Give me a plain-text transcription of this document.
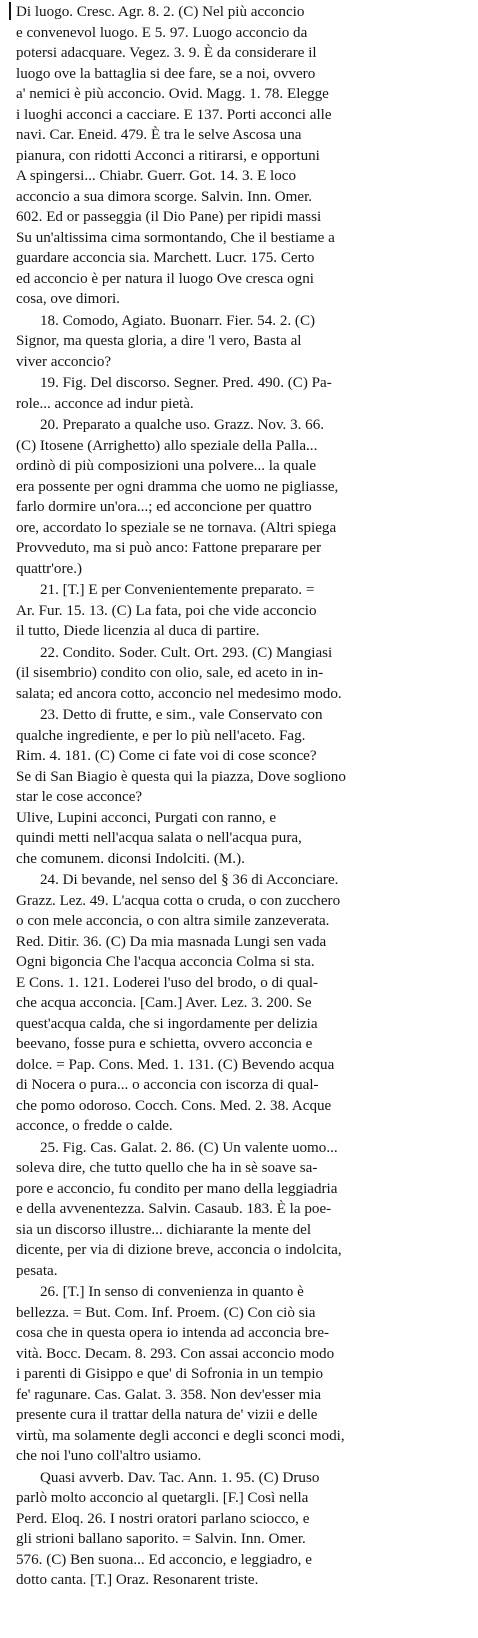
Di luogo. Cresc. Agr. 8. 2. (C) Nel più acconcio
e convenevol luogo. E 5. 97. Luogo acconcio da
potersi adacquare. Vegez. 3. 9. È da considerare il
luogo ove la battaglia si dee fare, se a noi, ovvero
a' nemici è più acconcio. Ovid. Magg. 1. 78. Elegge
i luoghi acconci a cacciare. E 137. Porti acconci alle
navi. Car. Eneid. 479. È tra le selve Ascosa una
pianura, con ridotti Acconci a ritirarsi, e opportuni
A spingersi... Chiabr. Guerr. Got. 14. 3. E loco
acconcio a sua dimora scorge. Salvin. Inn. Omer.
602. Ed or passeggia (il Dio Pane) per ripidi massi
Su un'altissima cima sormontando, Che il bestiame a
guardare acconcia sia. Marchett. Lucr. 175. Certo
ed acconcio è per natura il luogo Ove cresca ogni
cosa, ove dimori.
18. Comodo, Agiato. Buonarr. Fier. 54. 2. (C)
Signor, ma questa gloria, a dire 'l vero, Basta al
viver acconcio?
19. Fig. Del discorso. Segner. Pred. 490. (C) Pa-
role... acconce ad indur pietà.
20. Preparato a qualche uso. Grazz. Nov. 3. 66.
(C) Itosene (Arrighetto) allo speziale della Palla...
ordinò di più composizioni una polvere... la quale
era possente per ogni dramma che uomo ne pigliasse,
farlo dormire un'ora...; ed acconcione per quattro
ore, accordato lo speziale se ne tornava. (Altri spiega
Provveduto, ma si può anco: Fattone preparare per
quattr'ore.)
21. [T.] E per Convenientemente preparato. =
Ar. Fur. 15. 13. (C) La fata, poi che vide acconcio
il tutto, Diede licenzia al duca di partire.
22. Condito. Soder. Cult. Ort. 293. (C) Mangiasi
(il sisembrio) condito con olio, sale, ed aceto in in-
salata; ed ancora cotto, acconcio nel medesimo modo.
23. Detto di frutte, e sim., vale Conservato con
qualche ingrediente, e per lo più nell'aceto. Fag.
Rim. 4. 181. (C) Come ci fate voi di cose sconce?
Se di San Biagio è questa qui la piazza, Dove sogliono
star le cose acconce?
Ulive, Lupini acconci, Purgati con ranno, e
quindi metti nell'acqua salata o nell'acqua pura,
che comunem. diconsi Indolciti. (M.).
24. Di bevande, nel senso del § 36 di Acconciare.
Grazz. Lez. 49. L'acqua cotta o cruda, o con zucchero
o con mele acconcia, o con altra simile zanzeverata.
Red. Ditir. 36. (C) Da mia masnada Lungi sen vada
Ogni bigoncia Che l'acqua acconcia Colma si sta.
E Cons. 1. 121. Loderei l'uso del brodo, o di qual-
che acqua acconcia. [Cam.] Aver. Lez. 3. 200. Se
quest'acqua calda, che si ingordamente per delizia
beevano, fosse pura e schietta, ovvero acconcia e
dolce. = Pap. Cons. Med. 1. 131. (C) Bevendo acqua
di Nocera o pura... o acconcia con iscorza di qual-
che pomo odoroso. Cocch. Cons. Med. 2. 38. Acque
acconce, o fredde o calde.
25. Fig. Cas. Galat. 2. 86. (C) Un valente uomo...
soleva dire, che tutto quello che ha in sè soave sa-
pore e acconcio, fu condito per mano della leggiadria
e della avvenentezza. Salvin. Casaub. 183. È la poe-
sia un discorso illustre... dichiarante la mente del
dicente, per via di dizione breve, acconcia o indolcita,
pesata.
26. [T.] In senso di convenienza in quanto è
bellezza. = But. Com. Inf. Proem. (C) Con ciò sia
cosa che in questa opera io intenda ad acconcia bre-
vità. Bocc. Decam. 8. 293. Con assai acconcio modo
i parenti di Gisippo e que' di Sofronia in un tempio
fe' ragunare. Cas. Galat. 3. 358. Non dev'esser mia
presente cura il trattar della natura de' vizii e delle
virtù, ma solamente degli acconci e degli sconci modi,
che noi l'uno coll'altro usiamo.
Quasi avverb. Dav. Tac. Ann. 1. 95. (C) Druso
parlò molto acconcio al quetargli. [F.] Così nella
Perd. Eloq. 26. I nostri oratori parlano sciocco, e
gli strioni ballano saporito. = Salvin. Inn. Omer.
576. (C) Ben suona... Ed acconcio, e leggiadro, e
dotto canta. [T.] Oraz. Resonarent triste.
